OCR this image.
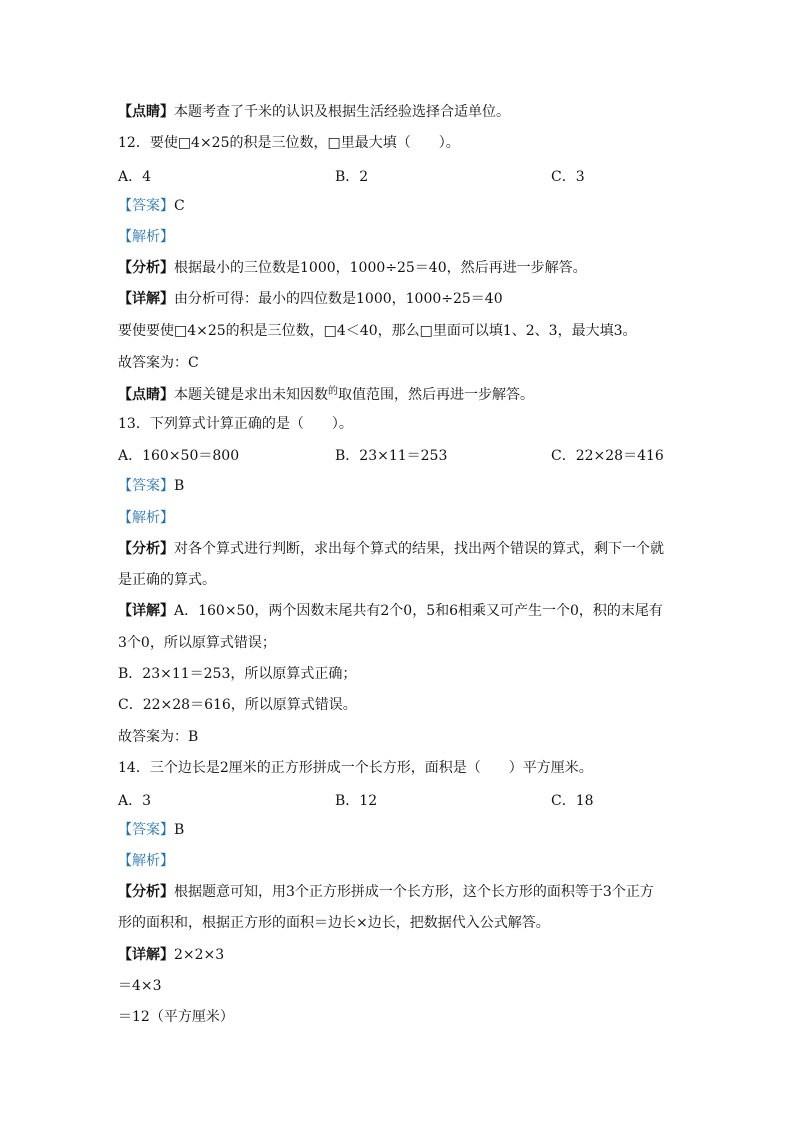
【点睛】本题考查了千米的认识及根据生活经验选择合适单位。
12．要使□4×25的积是三位数，□里最大填（　　）。
A．4	B．2	C．3
【答案】C
【解析】
【分析】根据最小的三位数是1000，1000÷25＝40，然后再进一步解答。
【详解】由分析可得：最小的四位数是1000，1000÷25＝40
要使要使□4×25的积是三位数，□4＜40，那么□里面可以填1、2、3，最大填3。
故答案为：C
【点睛】本题关键是求出未知因数$^的$取值范围，然后再进一步解答。
13．下列算式计算正确的是（　　）。
A．160×50＝800	B．23×11＝253	C．22×28＝416
【答案】B
【解析】
【分析】对各个算式进行判断，求出每个算式的结果，找出两个错误的算式，剩下一个就
是正确的算式。
【详解】A．160×50，两个因数末尾共有2个0，5和6相乘又可产生一个0，积的末尾有
3个0，所以原算式错误；
B．23×11＝253，所以原算式正确；
C．22×28＝616，所以原算式错误。
故答案为：B
14．三个边长是2厘米的正方形拼成一个长方形，面积是（　　）平方厘米。
A．3	B．12	C．18
【答案】B
【解析】
【分析】根据题意可知，用3个正方形拼成一个长方形，这个长方形的面积等于3个正方
形的面积和，根据正方形的面积＝边长×边长，把数据代入公式解答。
【详解】2×2×3
＝4×3
＝12（平方厘米）
